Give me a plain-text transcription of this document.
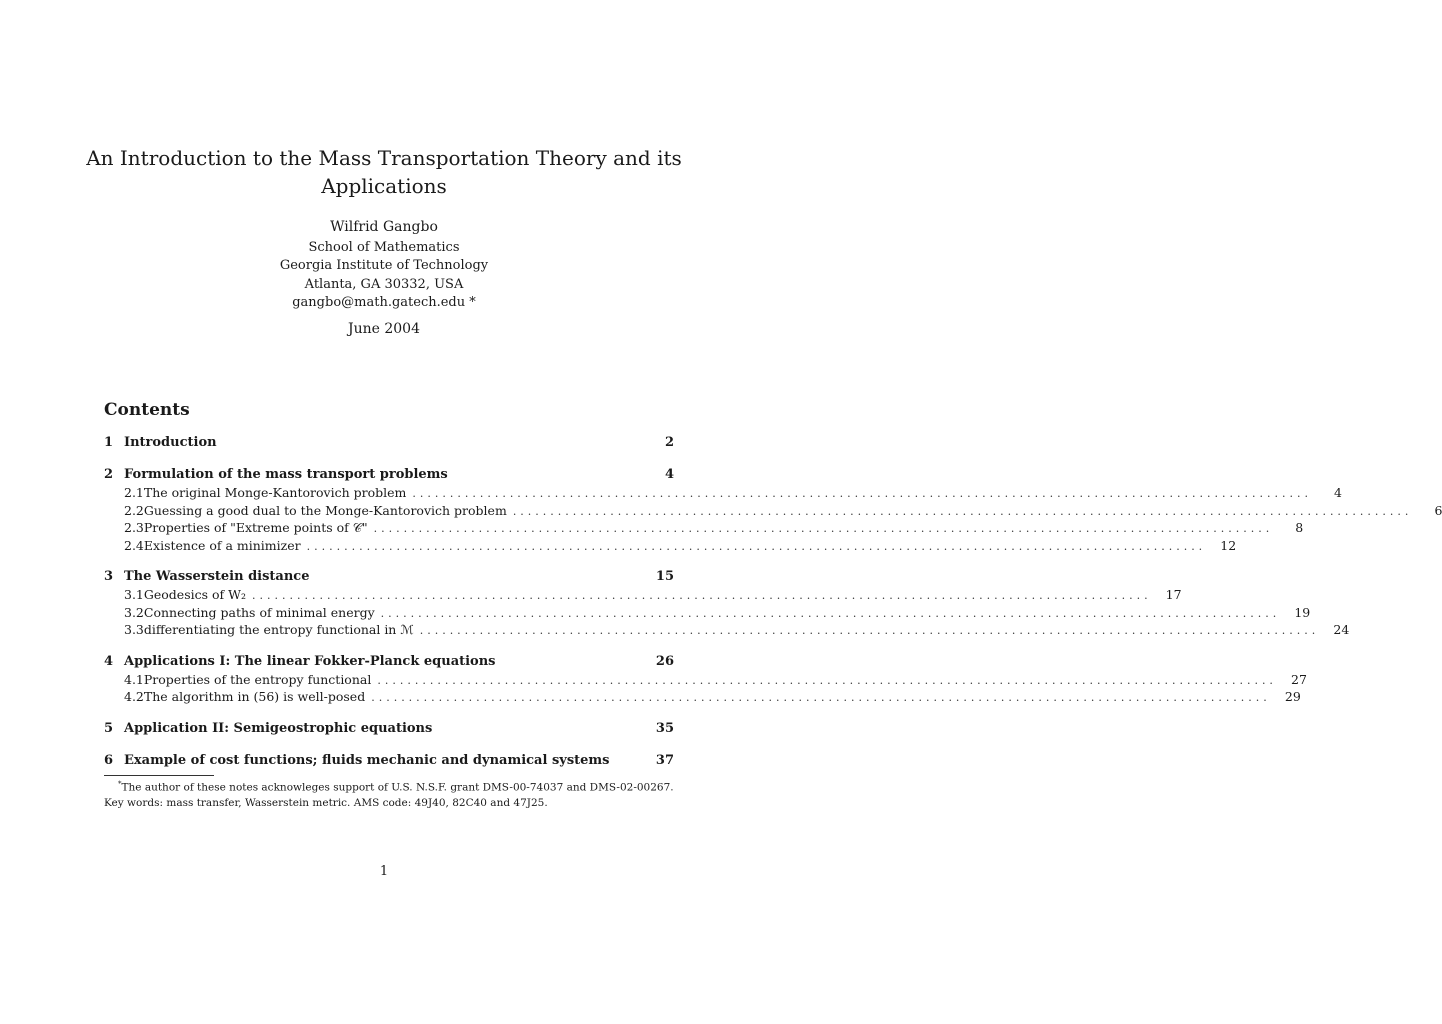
An Introduction to the Mass Transportation Theory and its
Applications
Wilfrid Gangbo
School of Mathematics
Georgia Institute of Technology
Atlanta, GA 30332, USA
gangbo@math.gatech.edu *
June 2004
Contents
1 Introduction	2
2 Formulation of the mass transport problems	4
2.1 The original Monge-Kantorovich problem ........................................................................................................................	4
2.2 Guessing a good dual to the Monge-Kantorovich problem ........................................................................................................................	6
2.3 Properties of "Extreme points of 𝒞" ........................................................................................................................	8
2.4 Existence of a minimizer ........................................................................................................................	12
3 The Wasserstein distance	15
3.1 Geodesics of W₂ ........................................................................................................................	17
3.2 Connecting paths of minimal energy ........................................................................................................................	19
3.3 differentiating the entropy functional in ℳ ........................................................................................................................	24
4 Applications I: The linear Fokker-Planck equations	26
4.1 Properties of the entropy functional ........................................................................................................................	27
4.2 The algorithm in (56) is well-posed ........................................................................................................................	29
5 Application II: Semigeostrophic equations	35
6 Example of cost functions; fluids mechanic and dynamical systems	37
*The author of these notes acknowleges support of U.S. N.S.F. grant DMS-00-74037 and DMS-02-00267. Key words: mass transfer, Wasserstein metric. AMS code: 49J40, 82C40 and 47J25.
1
